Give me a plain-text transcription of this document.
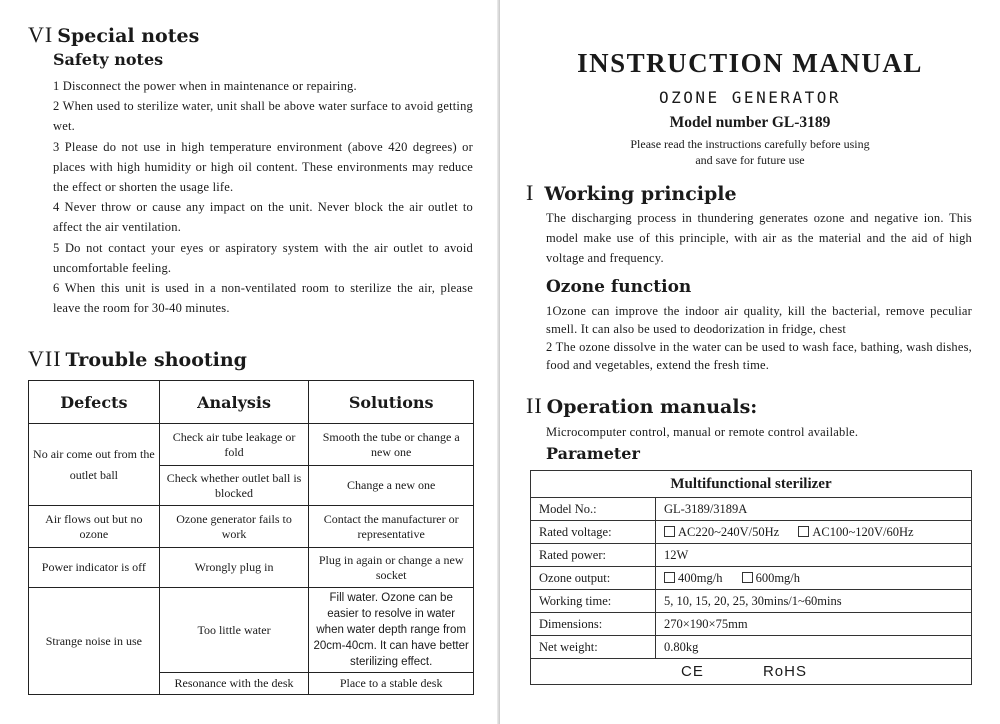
VI Special notes
Safety notes

1 Disconnect the power when in maintenance or repairing.

2 When used to sterilize water, unit shall be above water surface to avoid getting wet.

3 Please do not use in high temperature environment (above 420 degrees) or places with high humidity or high oil content. These environments may reduce the effect or shorten the usage life.

4 Never throw or cause any impact on the unit. Never block the air outlet to affect the air ventilation.

5 Do not contact your eyes or aspiratory system with the air outlet to avoid uncomfortable feeling.

6 When this unit is used in a non-ventilated room to sterilize the air, please leave the room for 30-40 minutes.

VII Trouble shooting
Defects	Analysis	Solutions
No air come out from the outlet ball	Check air tube leakage or fold	Smooth the tube or change a new one
	Check whether outlet ball is blocked	Change a new one
Air flows out but no ozone	Ozone generator fails to work	Contact the manufacturer or representative
Power indicator is off	Wrongly plug in	Plug in again or change a new socket
Strange noise in use	Too little water	Fill water. Ozone can be easier to resolve in water when water depth range from 20cm-40cm. It can have better sterilizing effect.
	Resonance with the desk	Place to a stable desk
INSTRUCTION MANUAL
OZONE GENERATOR
Model number GL-3189
Please read the instructions carefully before using
and save for future use
I Working principle

The discharging process in thundering generates ozone and negative ion. This model make use of this principle, with air as the material and the aid of high voltage and frequency.

Ozone function

1Ozone can improve the indoor air quality, kill the bacterial, remove peculiar smell. It can also be used to deodorization in fridge, chest

2 The ozone dissolve in the water can be used to wash face, bathing, wash dishes, food and vegetables, extend the fresh time.

II Operation manuals:
Microcomputer control, manual or remote control available.
Parameter
Multifunctional sterilizer	
Model No.:	GL-3189/3189A
Rated voltage:	AC220~240V/50Hz AC100~120V/60Hz
Rated power:	12W
Ozone output:	400mg/h 600mg/h
Working time:	5, 10, 15, 20, 25, 30mins/1~60mins
Dimensions:	270×190×75mm
Net weight:	0.80kg
CE RoHS	
